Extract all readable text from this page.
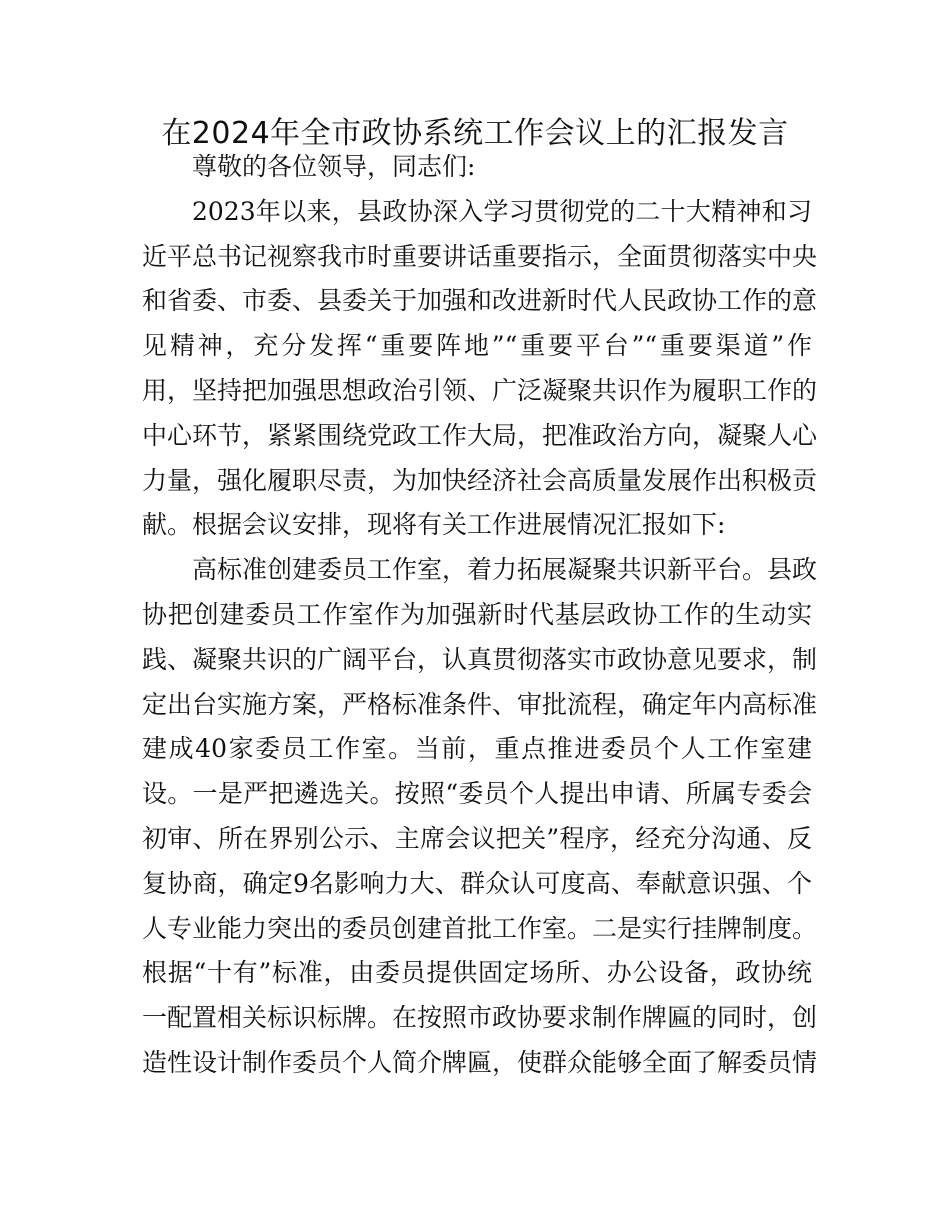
在2024年全市政协系统工作会议上的汇报发言

尊敬的各位领导，同志们:

2023年以来，县政协深入学习贯彻党的二十大精神和习
近平总书记视察我市时重要讲话重要指示，全面贯彻落实中央
和省委、市委、县委关于加强和改进新时代人民政协工作的意
见精神，充分发挥“重要阵地”“重要平台”“重要渠道”作
用，坚持把加强思想政治引领、广泛凝聚共识作为履职工作的
中心环节，紧紧围绕党政工作大局，把准政治方向，凝聚人心
力量，强化履职尽责，为加快经济社会高质量发展作出积极贡
献。根据会议安排，现将有关工作进展情况汇报如下:

高标准创建委员工作室，着力拓展凝聚共识新平台。县政
协把创建委员工作室作为加强新时代基层政协工作的生动实
践、凝聚共识的广阔平台，认真贯彻落实市政协意见要求，制
定出台实施方案，严格标准条件、审批流程，确定年内高标准
建成40家委员工作室。当前，重点推进委员个人工作室建
设。一是严把遴选关。按照“委员个人提出申请、所属专委会
初审、所在界别公示、主席会议把关”程序，经充分沟通、反
复协商，确定9名影响力大、群众认可度高、奉献意识强、个
人专业能力突出的委员创建首批工作室。二是实行挂牌制度。
根据“十有”标准，由委员提供固定场所、办公设备，政协统
一配置相关标识标牌。在按照市政协要求制作牌匾的同时，创
造性设计制作委员个人简介牌匾，使群众能够全面了解委员情
